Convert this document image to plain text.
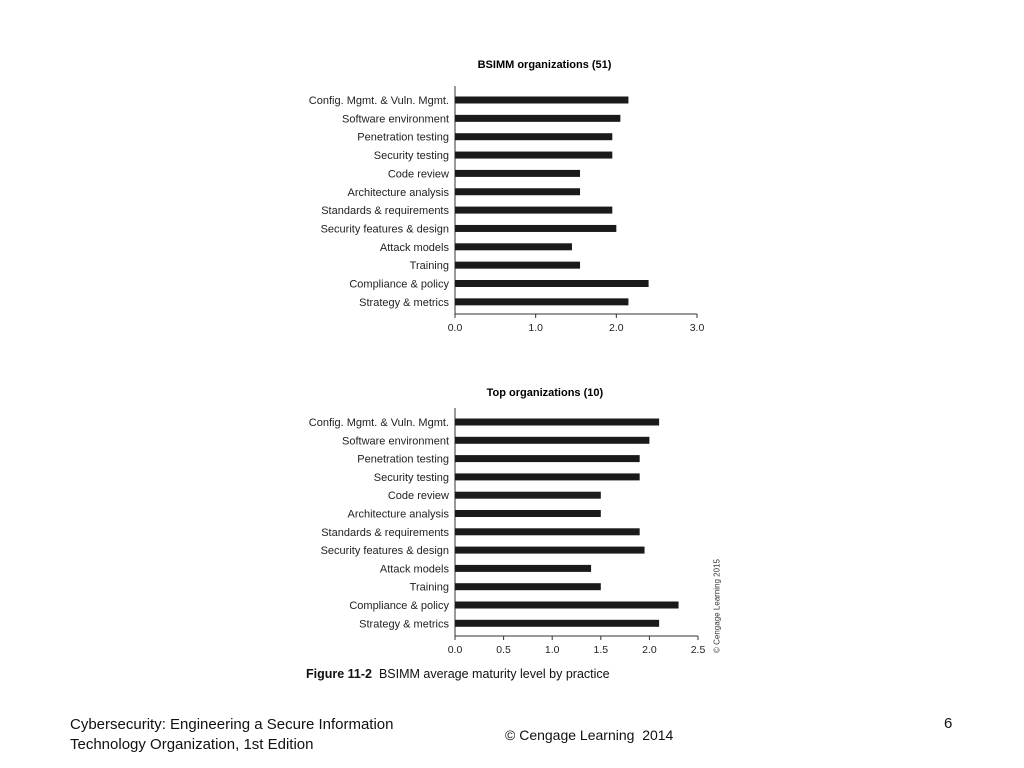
BSIMM organizations (51)
0.0	1.0	2.0	3.0
Config. Mgmt. & Vuln. Mgmt.
Software environment
Penetration testing
Security testing
Code review
Architecture analysis
Standards & requirements
Security features & design
Attack models
Training
Compliance & policy
Strategy & metrics
Top organizations (10)
0.0	0.5	1.0	1.5	2.0	2.5
Config. Mgmt. & Vuln. Mgmt.
Software environment
Penetration testing
Security testing
Code review
Architecture analysis
Standards & requirements
Security features & design
Attack models
Training
Compliance & policy
Strategy & metrics
Figure 11-2 BSIMM average maturity level by practice
© Cengage Learning 2015
Cybersecurity: Engineering a Secure Information
Technology Organization, 1st Edition
© Cengage Learning  2014
6
